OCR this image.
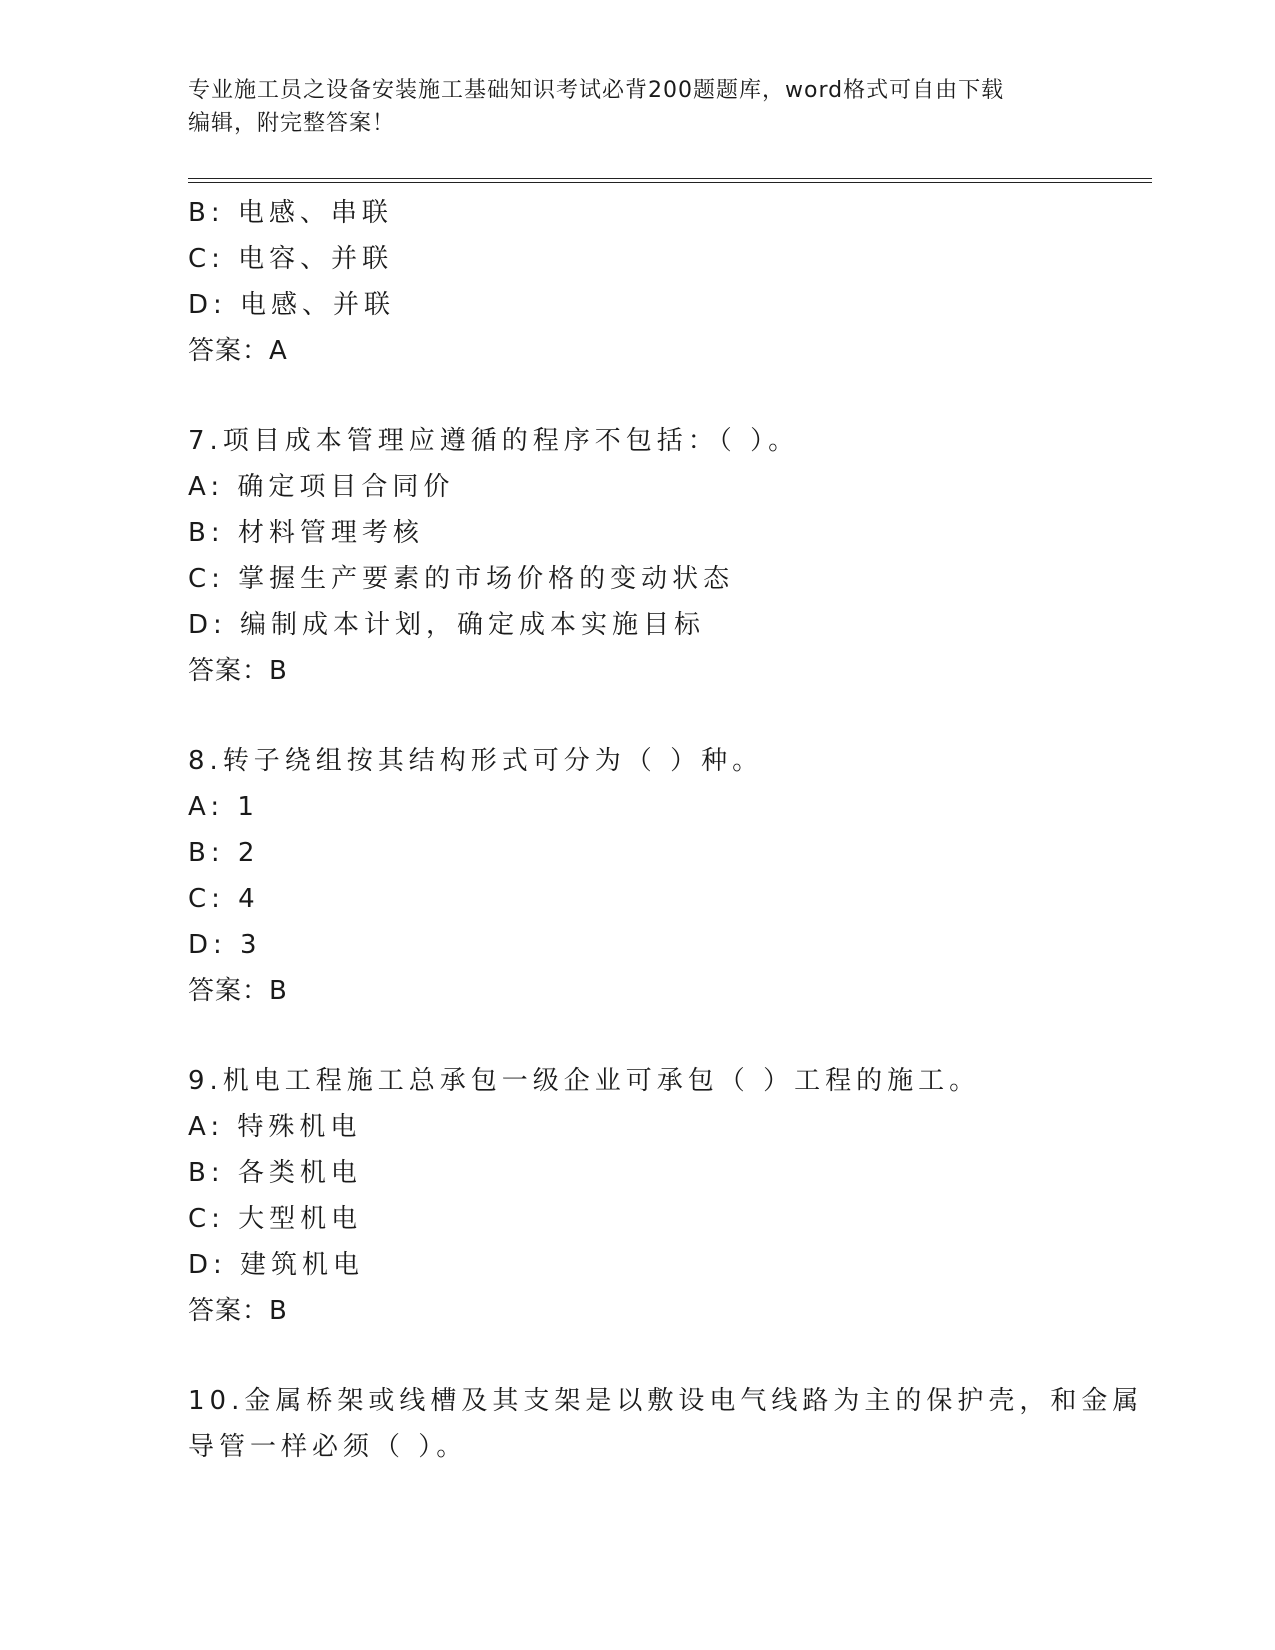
专业施工员之设备安装施工基础知识考试必背200题题库，word格式可自由下载
编辑，附完整答案！
B: 电感、串联
C: 电容、并联
D: 电感、并联
答案：A
7.项目成本管理应遵循的程序不包括：（ ）。
A: 确定项目合同价
B: 材料管理考核
C: 掌握生产要素的市场价格的变动状态
D: 编制成本计划，确定成本实施目标
答案：B
8.转子绕组按其结构形式可分为（ ）种。
A: 1
B: 2
C: 4
D: 3
答案：B
9.机电工程施工总承包一级企业可承包（ ）工程的施工。
A: 特殊机电
B: 各类机电
C: 大型机电
D: 建筑机电
答案：B
10.金属桥架或线槽及其支架是以敷设电气线路为主的保护壳，和金属
导管一样必须（ ）。
